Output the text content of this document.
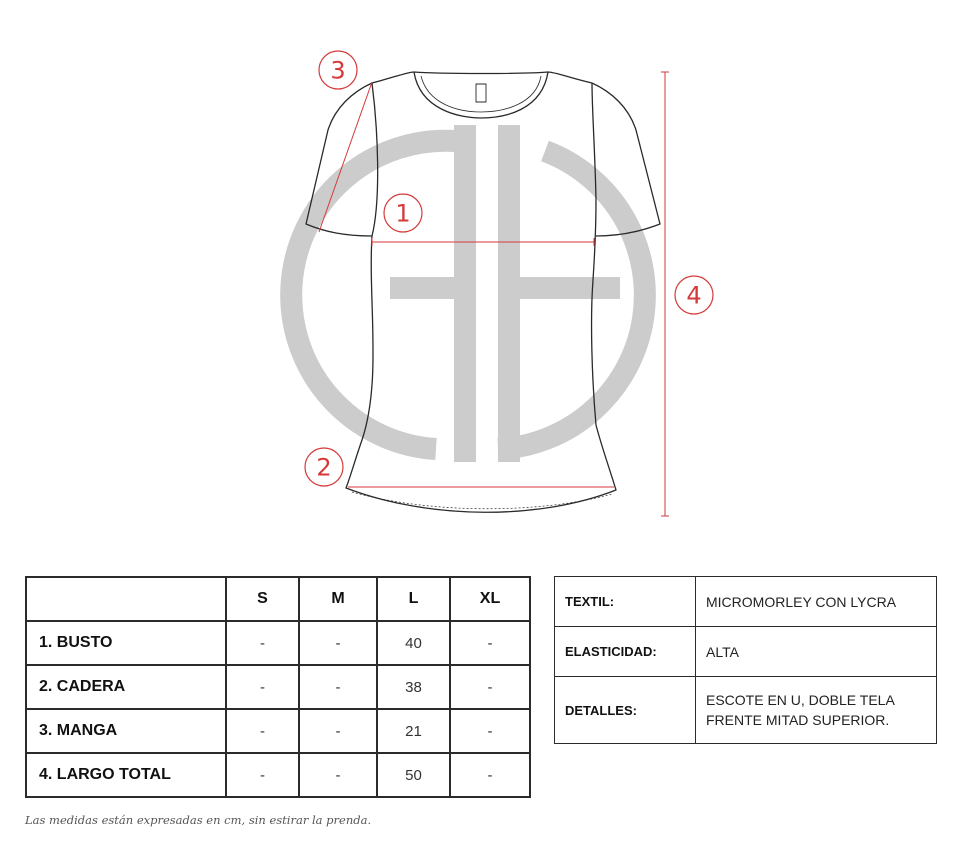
1
2
3
4
	S	M	L	XL
1. BUSTO	-	-	40	-
2. CADERA	-	-	38	-
3. MANGA	-	-	21	-
4. LARGO TOTAL	-	-	50	-
TEXTIL:	MICROMORLEY CON LYCRA
ELASTICIDAD:	ALTA
DETALLES:	ESCOTE EN U, DOBLE TELA FRENTE MITAD SUPERIOR.
Las medidas están expresadas en cm, sin estirar la prenda.
